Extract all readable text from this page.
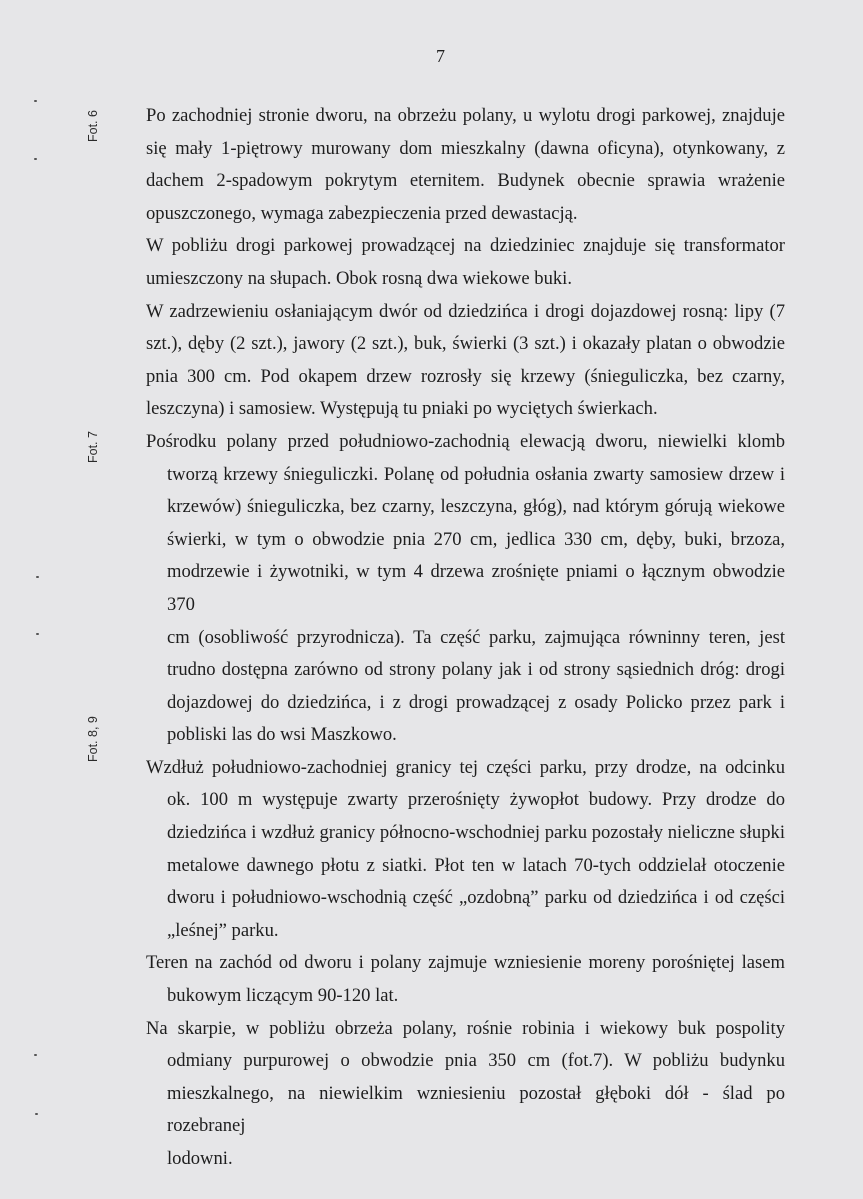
7
Fot. 6
Fot. 7
Fot. 8, 9
Po zachodniej stronie dworu, na obrzeżu polany, u wylotu drogi parkowej, znajduje
się mały 1-piętrowy murowany dom mieszkalny (dawna oficyna), otynkowany, z
dachem 2-spadowym pokrytym eternitem. Budynek obecnie sprawia wrażenie
opuszczonego, wymaga zabezpieczenia przed dewastacją.
W pobliżu drogi parkowej prowadzącej na dziedziniec znajduje się transformator
umieszczony na słupach. Obok rosną dwa wiekowe buki.
W zadrzewieniu osłaniającym dwór od dziedzińca i drogi dojazdowej rosną: lipy (7
szt.), dęby (2 szt.), jawory (2 szt.), buk, świerki (3 szt.) i okazały platan o obwodzie
pnia 300 cm. Pod okapem drzew rozrosły się krzewy (śnieguliczka, bez czarny,
leszczyna) i samosiew. Występują tu pniaki po wyciętych świerkach.
Pośrodku polany przed południowo-zachodnią elewacją dworu, niewielki klomb
tworzą krzewy śnieguliczki. Polanę od południa osłania zwarty samosiew drzew i
krzewów) śnieguliczka, bez czarny, leszczyna, głóg), nad którym górują wiekowe
świerki, w tym o obwodzie pnia 270 cm, jedlica 330 cm, dęby, buki, brzoza,
modrzewie i żywotniki, w tym 4 drzewa zrośnięte pniami o łącznym obwodzie 370
cm (osobliwość przyrodnicza). Ta część parku, zajmująca równinny teren, jest
trudno dostępna zarówno od strony polany jak i od strony sąsiednich dróg: drogi
dojazdowej do dziedzińca, i z drogi prowadzącej z osady Policko przez park i
pobliski las do wsi Maszkowo.
Wzdłuż południowo-zachodniej granicy tej części parku, przy drodze, na odcinku
ok. 100 m występuje zwarty przerośnięty żywopłot budowy. Przy drodze do
dziedzińca i wzdłuż granicy północno-wschodniej parku pozostały nieliczne słupki
metalowe dawnego płotu z siatki. Płot ten w latach 70-tych oddzielał otoczenie
dworu i południowo-wschodnią część „ozdobną” parku od dziedzińca i od części
„leśnej” parku.
Teren na zachód od dworu i polany zajmuje wzniesienie moreny porośniętej lasem
bukowym liczącym 90-120 lat.
Na skarpie, w pobliżu obrzeża polany, rośnie robinia i wiekowy buk pospolity
odmiany purpurowej o obwodzie pnia 350 cm (fot.7). W pobliżu budynku
mieszkalnego, na niewielkim wzniesieniu pozostał głęboki dół - ślad po rozebranej
lodowni.
